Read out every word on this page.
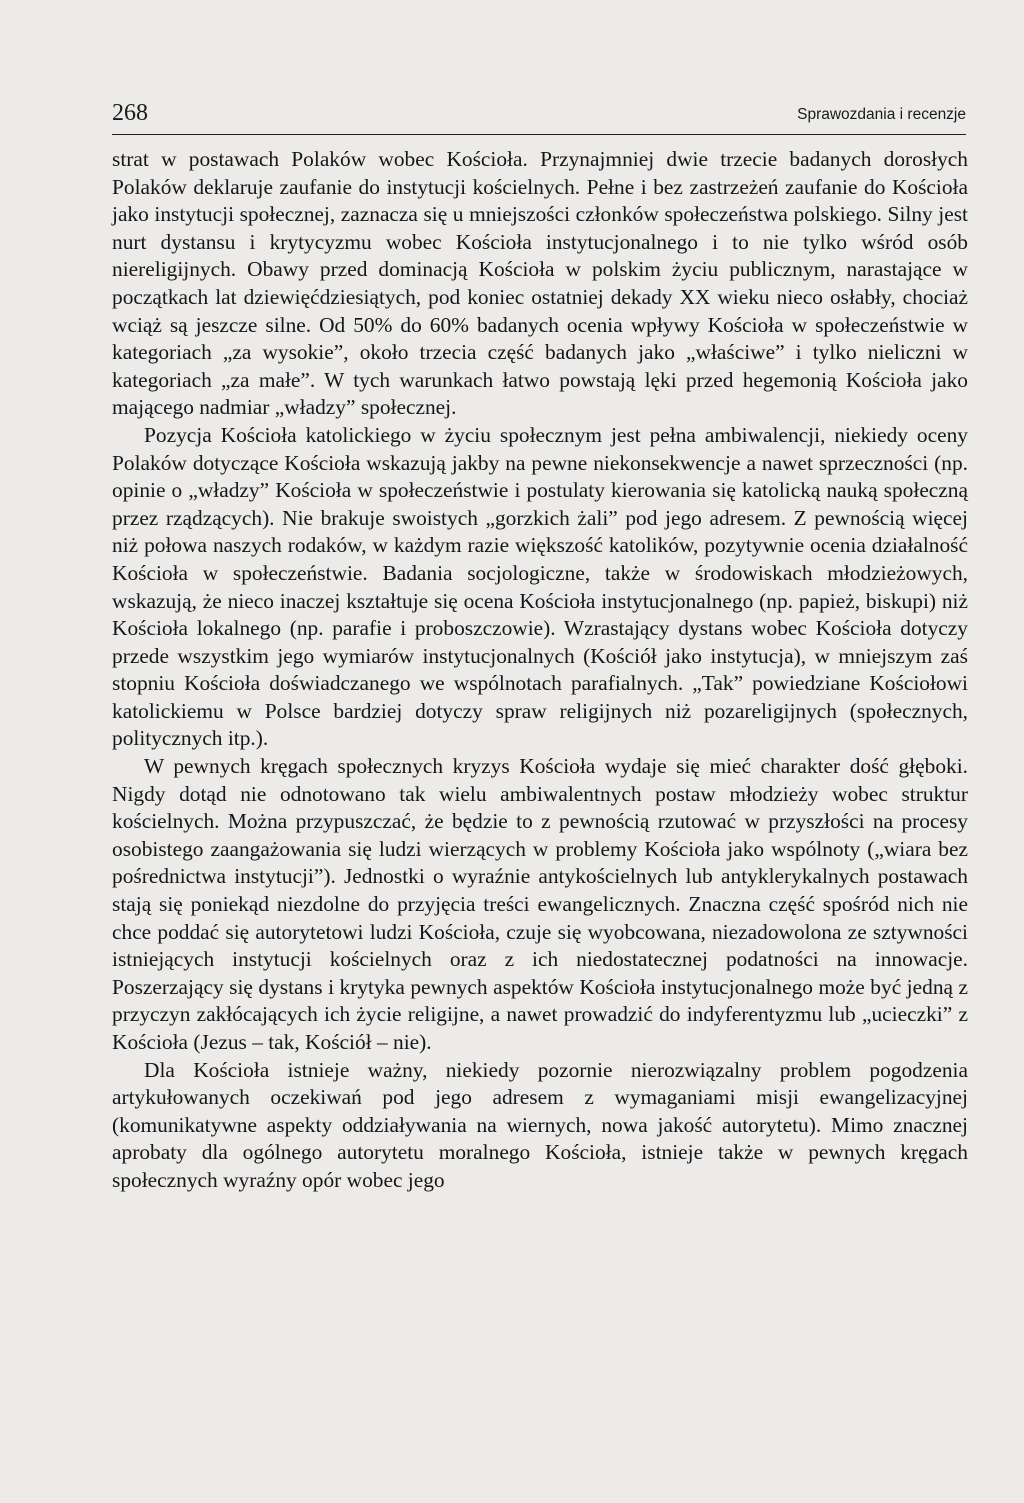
268	Sprawozdania i recenzje

strat w postawach Polaków wobec Kościoła. Przynajmniej dwie trzecie badanych dorosłych Polaków deklaruje zaufanie do instytucji kościelnych. Pełne i bez zastrzeżeń zaufanie do Kościoła jako instytucji społecznej, zaznacza się u mniejszości członków społeczeństwa polskiego. Silny jest nurt dystansu i krytycyzmu wobec Kościoła instytucjonalnego i to nie tylko wśród osób niereligijnych. Obawy przed dominacją Kościoła w polskim życiu publicznym, narastające w początkach lat dziewięćdziesiątych, pod koniec ostatniej dekady XX wieku nieco osłabły, chociaż wciąż są jeszcze silne. Od 50% do 60% badanych ocenia wpływy Kościoła w społeczeństwie w kategoriach „za wysokie”, około trzecia część badanych jako „właściwe” i tylko nieliczni w kategoriach „za małe”. W tych warunkach łatwo powstają lęki przed hegemonią Kościoła jako mającego nadmiar „władzy” społecznej.

Pozycja Kościoła katolickiego w życiu społecznym jest pełna ambiwalencji, niekiedy oceny Polaków dotyczące Kościoła wskazują jakby na pewne niekonsekwencje a nawet sprzeczności (np. opinie o „władzy” Kościoła w społeczeństwie i postulaty kierowania się katolicką nauką społeczną przez rządzących). Nie brakuje swoistych „gorzkich żali” pod jego adresem. Z pewnością więcej niż połowa naszych rodaków, w każdym razie większość katolików, pozytywnie ocenia działalność Kościoła w społeczeństwie. Badania socjologiczne, także w środowiskach młodzieżowych, wskazują, że nieco inaczej kształtuje się ocena Kościoła instytucjonalnego (np. papież, biskupi) niż Kościoła lokalnego (np. parafie i proboszczowie). Wzrastający dystans wobec Kościoła dotyczy przede wszystkim jego wymiarów instytucjonalnych (Kościół jako instytucja), w mniejszym zaś stopniu Kościoła doświadczanego we wspólnotach parafialnych. „Tak” powiedziane Kościołowi katolickiemu w Polsce bardziej dotyczy spraw religijnych niż pozareligijnych (społecznych, politycznych itp.).

W pewnych kręgach społecznych kryzys Kościoła wydaje się mieć charakter dość głęboki. Nigdy dotąd nie odnotowano tak wielu ambiwalentnych postaw młodzieży wobec struktur kościelnych. Można przypuszczać, że będzie to z pewnością rzutować w przyszłości na procesy osobistego zaangażowania się ludzi wierzących w problemy Kościoła jako wspólnoty („wiara bez pośrednictwa instytucji”). Jednostki o wyraźnie antykościelnych lub antyklerykalnych postawach stają się poniekąd niezdolne do przyjęcia treści ewangelicznych. Znaczna część spośród nich nie chce poddać się autorytetowi ludzi Kościoła, czuje się wyobcowana, niezadowolona ze sztywności istniejących instytucji kościelnych oraz z ich niedostatecznej podatności na innowacje. Poszerzający się dystans i krytyka pewnych aspektów Kościoła instytucjonalnego może być jedną z przyczyn zakłócających ich życie religijne, a nawet prowadzić do indyferentyzmu lub „ucieczki” z Kościoła (Jezus – tak, Kościół – nie).

Dla Kościoła istnieje ważny, niekiedy pozornie nierozwiązalny problem pogodzenia artykułowanych oczekiwań pod jego adresem z wymaganiami misji ewangelizacyjnej (komunikatywne aspekty oddziaływania na wiernych, nowa jakość autorytetu). Mimo znacznej aprobaty dla ogólnego autorytetu moralnego Kościoła, istnieje także w pewnych kręgach społecznych wyraźny opór wobec jego
